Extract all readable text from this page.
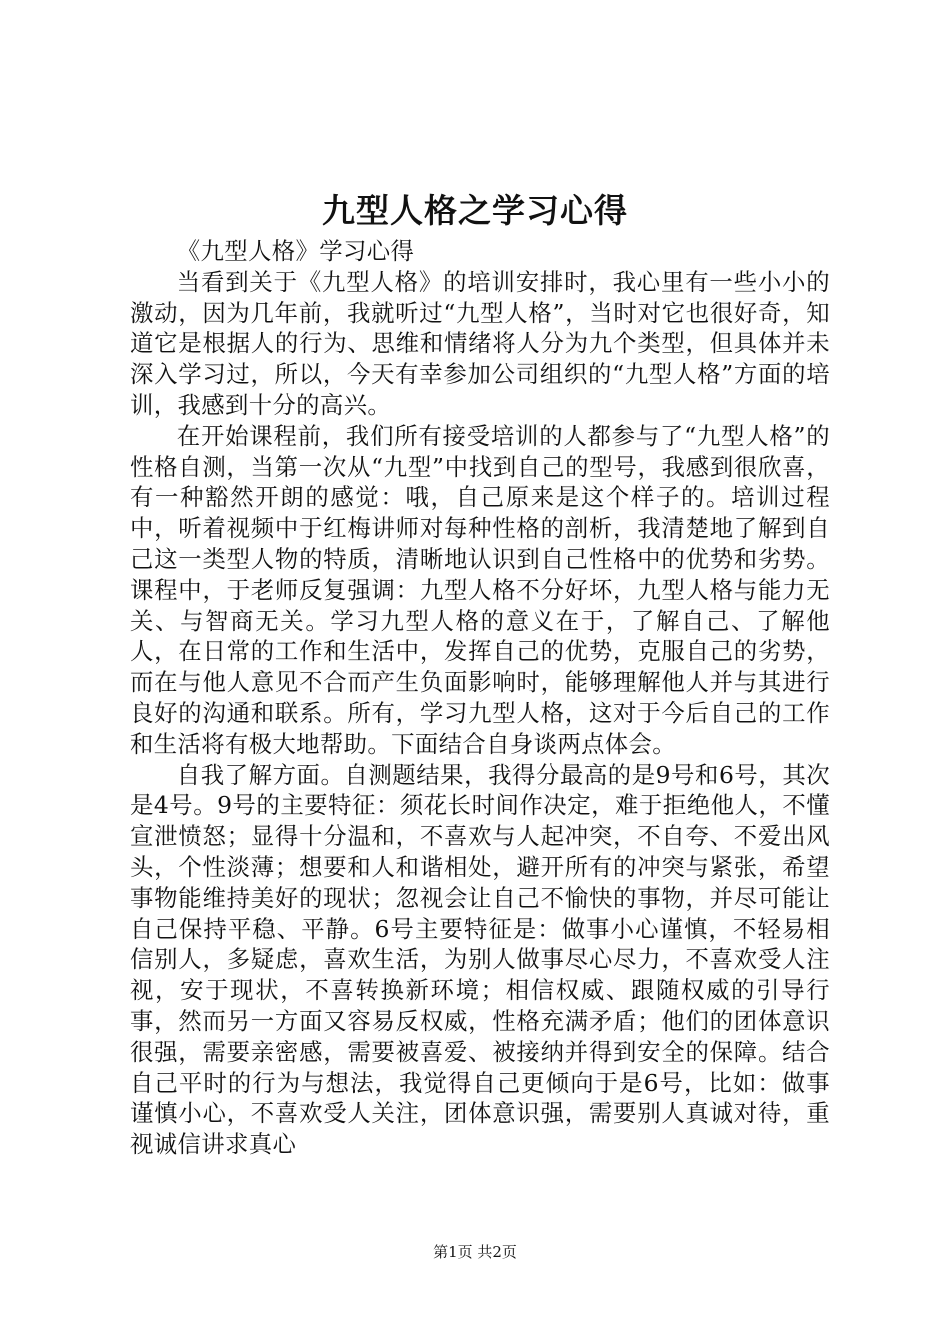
九型人格之学习心得

《九型人格》学习心得

当看到关于《九型人格》的培训安排时，我心里有一些小小的激动，因为几年前，我就听过“九型人格”，当时对它也很好奇，知道它是根据人的行为、思维和情绪将人分为九个类型，但具体并未深入学习过，所以，今天有幸参加公司组织的“九型人格”方面的培训，我感到十分的高兴。

在开始课程前，我们所有接受培训的人都参与了“九型人格”的性格自测，当第一次从“九型”中找到自己的型号，我感到很欣喜，有一种豁然开朗的感觉：哦，自己原来是这个样子的。培训过程中，听着视频中于红梅讲师对每种性格的剖析，我清楚地了解到自己这一类型人物的特质，清晰地认识到自己性格中的优势和劣势。课程中，于老师反复强调：九型人格不分好坏，九型人格与能力无关、与智商无关。学习九型人格的意义在于，了解自己、了解他人，在日常的工作和生活中，发挥自己的优势，克服自己的劣势，而在与他人意见不合而产生负面影响时，能够理解他人并与其进行良好的沟通和联系。所有，学习九型人格，这对于今后自己的工作和生活将有极大地帮助。下面结合自身谈两点体会。

自我了解方面。自测题结果，我得分最高的是9号和6号，其次是4号。9号的主要特征：须花长时间作决定，难于拒绝他人，不懂宣泄愤怒；显得十分温和，不喜欢与人起冲突，不自夸、不爱出风头，个性淡薄；想要和人和谐相处，避开所有的冲突与紧张，希望事物能维持美好的现状；忽视会让自己不愉快的事物，并尽可能让自己保持平稳、平静。6号主要特征是：做事小心谨慎，不轻易相信别人，多疑虑，喜欢生活，为别人做事尽心尽力，不喜欢受人注视，安于现状，不喜转换新环境；相信权威、跟随权威的引导行事，然而另一方面又容易反权威，性格充满矛盾；他们的团体意识很强，需要亲密感，需要被喜爱、被接纳并得到安全的保障。结合自己平时的行为与想法，我觉得自己更倾向于是6号，比如：做事谨慎小心，不喜欢受人关注，团体意识强，需要别人真诚对待，重视诚信讲求真心

第1页 共2页
